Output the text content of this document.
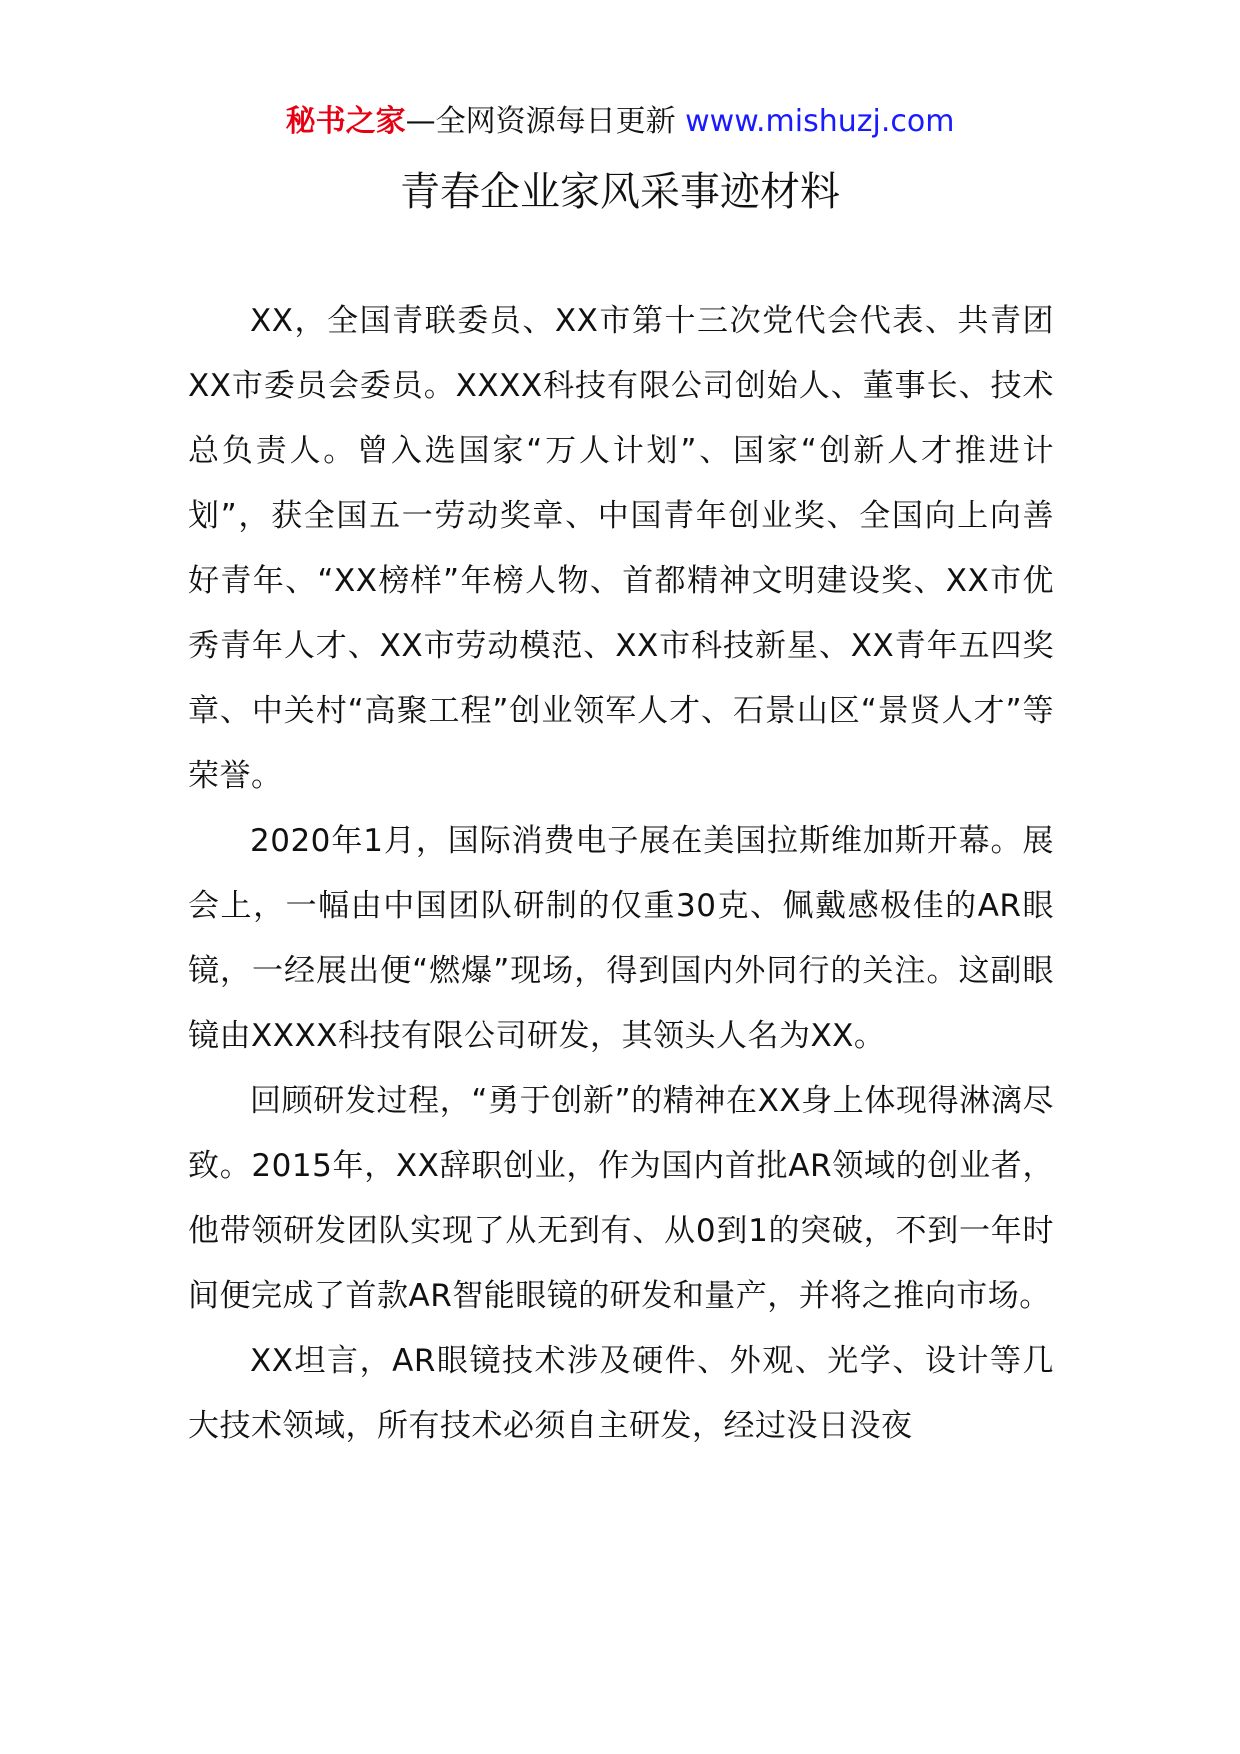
秘书之家—全网资源每日更新 www.mishuzj.com
青春企业家风采事迹材料

XX，全国青联委员、XX市第十三次党代会代表、共青团XX市委员会委员。XXXX科技有限公司创始人、董事长、技术总负责人。曾入选国家“万人计划”、国家“创新人才推进计划”，获全国五一劳动奖章、中国青年创业奖、全国向上向善好青年、“XX榜样”年榜人物、首都精神文明建设奖、XX市优秀青年人才、XX市劳动模范、XX市科技新星、XX青年五四奖章、中关村“高聚工程”创业领军人才、石景山区“景贤人才”等荣誉。

2020年1月，国际消费电子展在美国拉斯维加斯开幕。展会上，一幅由中国团队研制的仅重30克、佩戴感极佳的AR眼镜，一经展出便“燃爆”现场，得到国内外同行的关注。这副眼镜由XXXX科技有限公司研发，其领头人名为XX。

回顾研发过程，“勇于创新”的精神在XX身上体现得淋漓尽致。2015年，XX辞职创业，作为国内首批AR领域的创业者，他带领研发团队实现了从无到有、从0到1的突破，不到一年时间便完成了首款AR智能眼镜的研发和量产，并将之推向市场。

XX坦言，AR眼镜技术涉及硬件、外观、光学、设计等几大技术领域，所有技术必须自主研发，经过没日没夜
